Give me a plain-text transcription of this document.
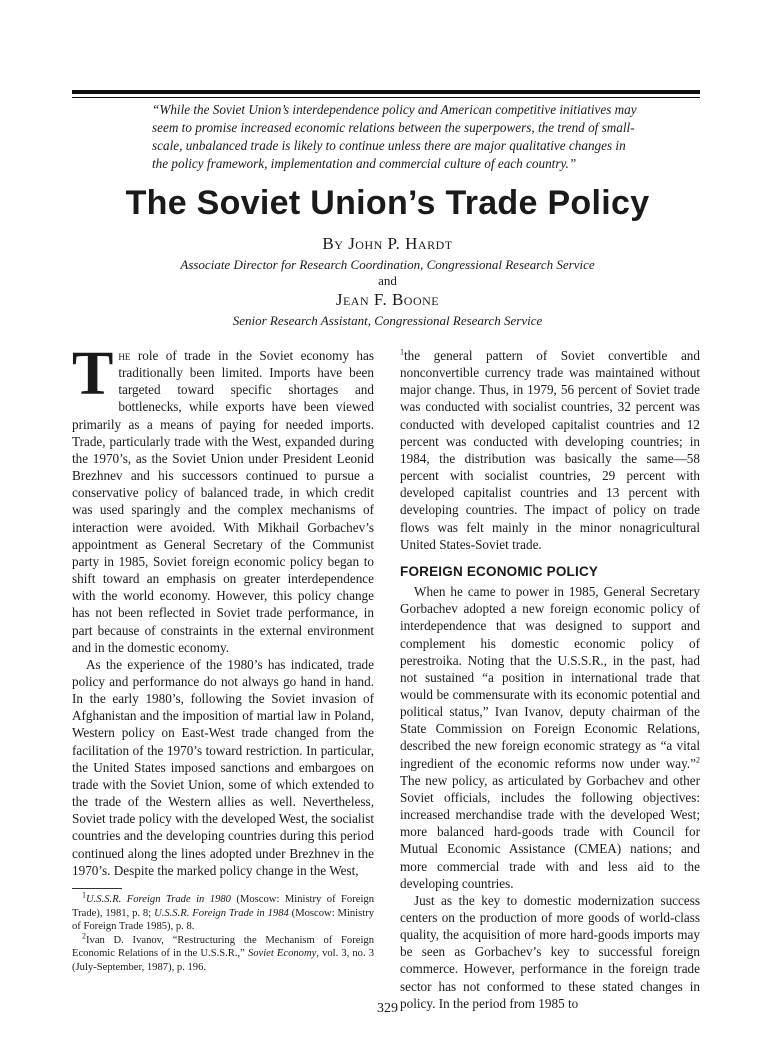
“While the Soviet Union’s interdependence policy and American competitive initiatives may seem to promise increased economic relations between the superpowers, the trend of small-scale, unbalanced trade is likely to continue unless there are major qualitative changes in the policy framework, implementation and commercial culture of each country.”

The Soviet Union’s Trade Policy

By John P. Hardt

Associate Director for Research Coordination, Congressional Research Service

and

Jean F. Boone

Senior Research Assistant, Congressional Research Service

The role of trade in the Soviet economy has traditionally been limited. Imports have been targeted toward specific shortages and bottlenecks, while exports have been viewed primarily as a means of paying for needed imports. Trade, particularly trade with the West, expanded during the 1970’s, as the Soviet Union under President Leonid Brezhnev and his successors continued to pursue a conservative policy of balanced trade, in which credit was used sparingly and the complex mechanisms of interaction were avoided. With Mikhail Gorbachev’s appointment as General Secretary of the Communist party in 1985, Soviet foreign economic policy began to shift toward an emphasis on greater interdependence with the world economy. However, this policy change has not been reflected in Soviet trade performance, in part because of constraints in the external environment and in the domestic economy.

As the experience of the 1980’s has indicated, trade policy and performance do not always go hand in hand. In the early 1980’s, following the Soviet invasion of Afghanistan and the imposition of martial law in Poland, Western policy on East-West trade changed from the facilitation of the 1970’s toward restriction. In particular, the United States imposed sanctions and embargoes on trade with the Soviet Union, some of which extended to the trade of the Western allies as well. Nevertheless, Soviet trade policy with the developed West, the socialist countries and the developing countries during this period continued along the lines adopted under Brezhnev in the 1970’s. Despite the marked policy change in the West,

$^1$U.S.S.R. Foreign Trade in 1980 (Moscow: Ministry of Foreign Trade), 1981, p. 8; U.S.S.R. Foreign Trade in 1984 (Moscow: Ministry of Foreign Trade 1985), p. 8.

$^2$Ivan D. Ivanov, “Restructuring the Mechanism of Foreign Economic Relations of in the U.S.S.R.,” Soviet Economy, vol. 3, no. 3 (July-September, 1987), p. 196.

$^1$the general pattern of Soviet convertible and nonconvertible currency trade was maintained without major change. Thus, in 1979, 56 percent of Soviet trade was conducted with socialist countries, 32 percent was conducted with developed capitalist countries and 12 percent was conducted with developing countries; in 1984, the distribution was basically the same—58 percent with socialist countries, 29 percent with developed capitalist countries and 13 percent with developing countries. The impact of policy on trade flows was felt mainly in the minor nonagricultural United States-Soviet trade.

FOREIGN ECONOMIC POLICY

When he came to power in 1985, General Secretary Gorbachev adopted a new foreign economic policy of interdependence that was designed to support and complement his domestic economic policy of perestroika. Noting that the U.S.S.R., in the past, had not sustained “a position in international trade that would be commensurate with its economic potential and political status,” Ivan Ivanov, deputy chairman of the State Commission on Foreign Economic Relations, described the new foreign economic strategy as “a vital ingredient of the economic reforms now under way.”$^2$ The new policy, as articulated by Gorbachev and other Soviet officials, includes the following objectives: increased merchandise trade with the developed West; more balanced hard-goods trade with Council for Mutual Economic Assistance (CMEA) nations; and more commercial trade with and less aid to the developing countries.

Just as the key to domestic modernization success centers on the production of more goods of world-class quality, the acquisition of more hard-goods imports may be seen as Gorbachev’s key to successful foreign commerce. However, performance in the foreign trade sector has not conformed to these stated changes in policy. In the period from 1985 to

329
